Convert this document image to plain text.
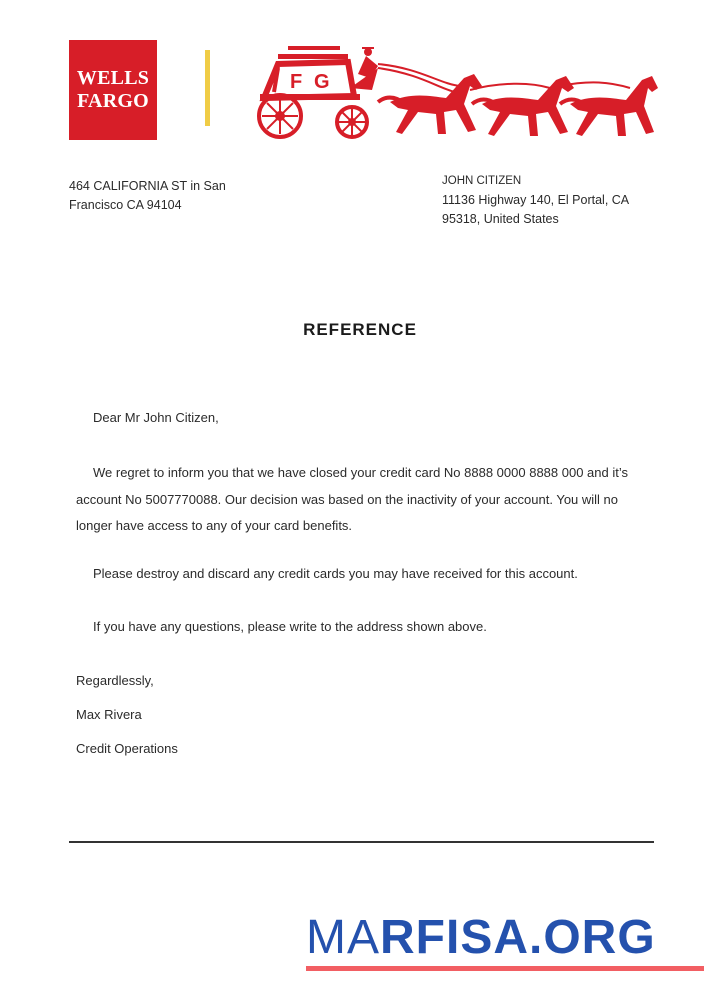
WELLS
FARGO
F G
464 CALIFORNIA ST in San
Francisco CA 94104
JOHN CITIZEN
11136 Highway 140, El Portal, CA
95318, United States
REFERENCE
Dear Mr John Citizen,
We regret to inform you that we have closed your credit card No 8888 0000 8888 000 and it’s account No 5007770088. Our decision was based on the inactivity of your account. You will no longer have access to any of your card benefits.
Please destroy and discard any credit cards you may have received for this account.
If you have any questions, please write to the address shown above.
Regardlessly,
Max Rivera
Credit Operations
MARFISA.ORG
